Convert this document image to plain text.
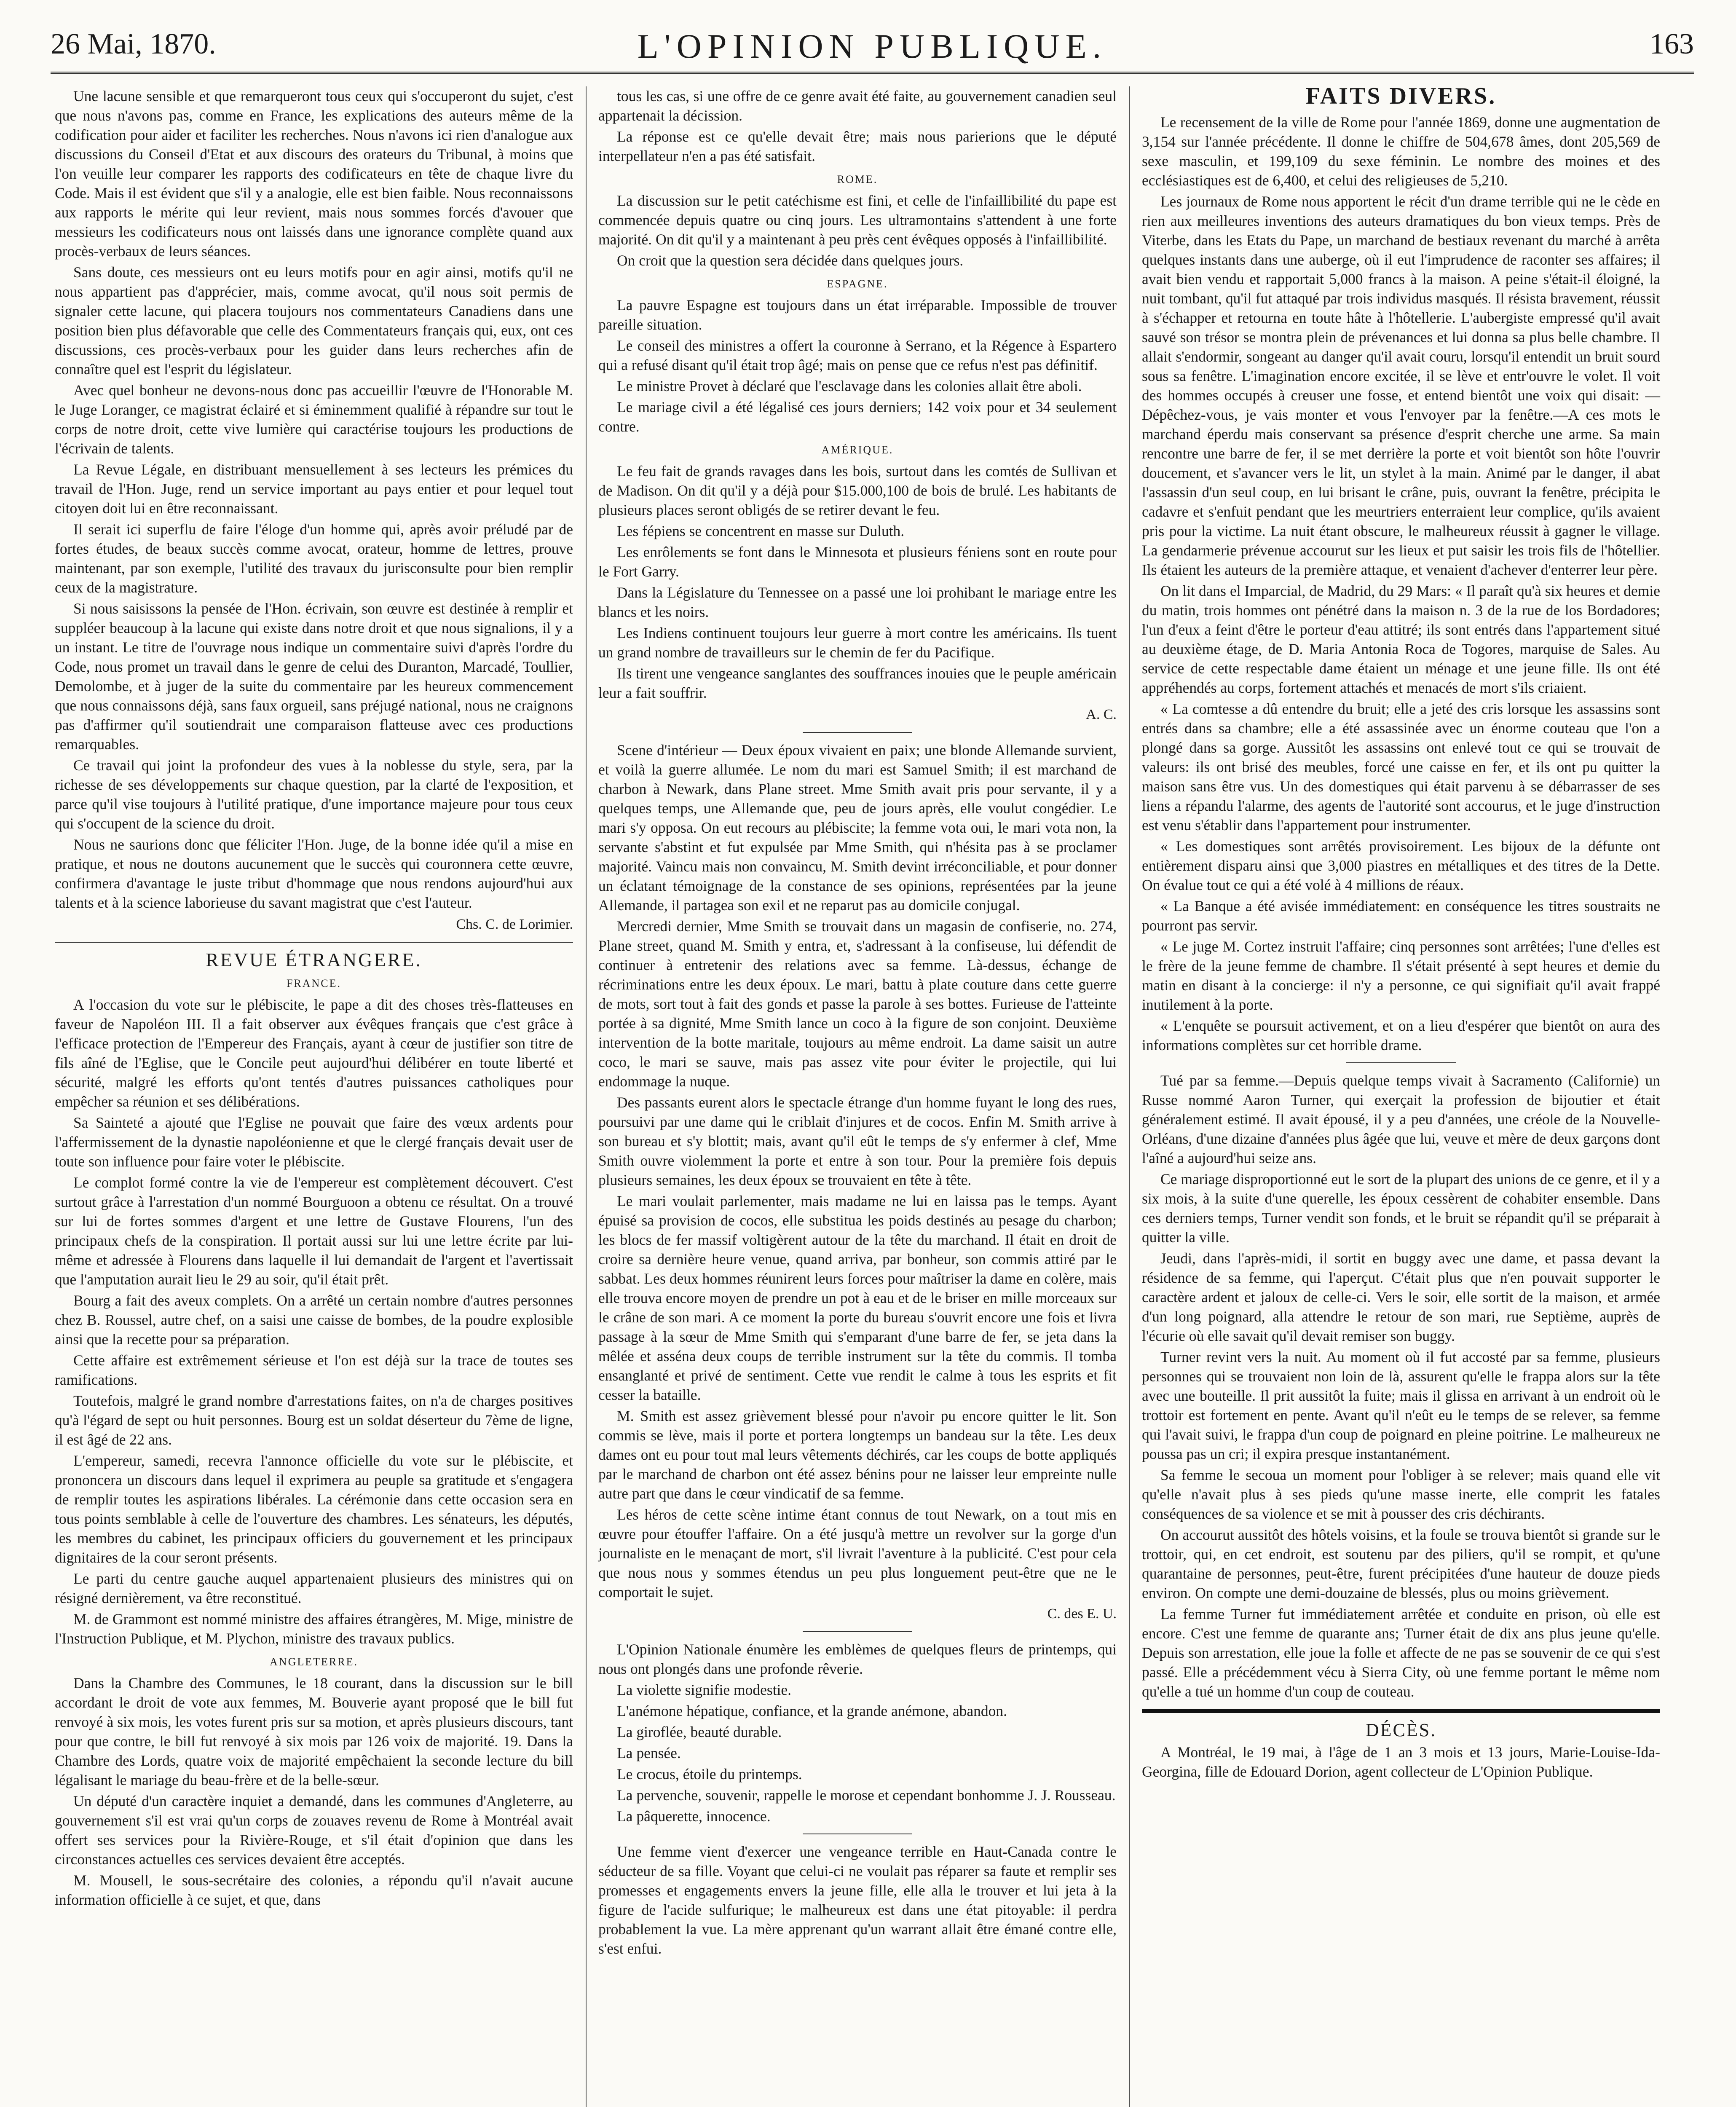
26 Mai, 1870.	L'OPINION PUBLIQUE.	163

Une lacune sensible et que remarqueront tous ceux qui s'occuperont du sujet, c'est que nous n'avons pas, comme en France, les explications des auteurs même de la codification pour aider et faciliter les recherches. Nous n'avons ici rien d'analogue aux discussions du Conseil d'Etat et aux discours des orateurs du Tribunal, à moins que l'on veuille leur comparer les rapports des codificateurs en tête de chaque livre du Code. Mais il est évident que s'il y a analogie, elle est bien faible. Nous reconnaissons aux rapports le mérite qui leur revient, mais nous sommes forcés d'avouer que messieurs les codificateurs nous ont laissés dans une ignorance complète quand aux procès-verbaux de leurs séances.

Sans doute, ces messieurs ont eu leurs motifs pour en agir ainsi, motifs qu'il ne nous appartient pas d'apprécier, mais, comme avocat, qu'il nous soit permis de signaler cette lacune, qui placera toujours nos commentateurs Canadiens dans une position bien plus défavorable que celle des Commentateurs français qui, eux, ont ces discussions, ces procès-verbaux pour les guider dans leurs recherches afin de connaître quel est l'esprit du législateur.

Avec quel bonheur ne devons-nous donc pas accueillir l'œuvre de l'Honorable M. le Juge Loranger, ce magistrat éclairé et si éminemment qualifié à répandre sur tout le corps de notre droit, cette vive lumière qui caractérise toujours les productions de l'écrivain de talents.

La Revue Légale, en distribuant mensuellement à ses lecteurs les prémices du travail de l'Hon. Juge, rend un service important au pays entier et pour lequel tout citoyen doit lui en être reconnaissant.

Il serait ici superflu de faire l'éloge d'un homme qui, après avoir préludé par de fortes études, de beaux succès comme avocat, orateur, homme de lettres, prouve maintenant, par son exemple, l'utilité des travaux du jurisconsulte pour bien remplir ceux de la magistrature.

Si nous saisissons la pensée de l'Hon. écrivain, son œuvre est destinée à remplir et suppléer beaucoup à la lacune qui existe dans notre droit et que nous signalions, il y a un instant. Le titre de l'ouvrage nous indique un commentaire suivi d'après l'ordre du Code, nous promet un travail dans le genre de celui des Duranton, Marcadé, Toullier, Demolombe, et à juger de la suite du commentaire par les heureux commencement que nous connaissons déjà, sans faux orgueil, sans préjugé national, nous ne craignons pas d'affirmer qu'il soutiendrait une comparaison flatteuse avec ces productions remarquables.

Ce travail qui joint la profondeur des vues à la noblesse du style, sera, par la richesse de ses développements sur chaque question, par la clarté de l'exposition, et parce qu'il vise toujours à l'utilité pratique, d'une importance majeure pour tous ceux qui s'occupent de la science du droit.

Nous ne saurions donc que féliciter l'Hon. Juge, de la bonne idée qu'il a mise en pratique, et nous ne doutons aucunement que le succès qui couronnera cette œuvre, confirmera d'avantage le juste tribut d'hommage que nous rendons aujourd'hui aux talents et à la science laborieuse du savant magistrat que c'est l'auteur.

Chs. C. de Lorimier.
REVUE ÉTRANGERE.
FRANCE.

A l'occasion du vote sur le plébiscite, le pape a dit des choses très-flatteuses en faveur de Napoléon III. Il a fait observer aux évêques français que c'est grâce à l'efficace protection de l'Empereur des Français, ayant à cœur de justifier son titre de fils aîné de l'Eglise, que le Concile peut aujourd'hui délibérer en toute liberté et sécurité, malgré les efforts qu'ont tentés d'autres puissances catholiques pour empêcher sa réunion et ses délibérations.

Sa Sainteté a ajouté que l'Eglise ne pouvait que faire des vœux ardents pour l'affermissement de la dynastie napoléonienne et que le clergé français devait user de toute son influence pour faire voter le plébiscite.

Le complot formé contre la vie de l'empereur est complètement découvert. C'est surtout grâce à l'arrestation d'un nommé Bourguoon a obtenu ce résultat. On a trouvé sur lui de fortes sommes d'argent et une lettre de Gustave Flourens, l'un des principaux chefs de la conspiration. Il portait aussi sur lui une lettre écrite par lui-même et adressée à Flourens dans laquelle il lui demandait de l'argent et l'avertissait que l'amputation aurait lieu le 29 au soir, qu'il était prêt.

Bourg a fait des aveux complets. On a arrêté un certain nombre d'autres personnes chez B. Roussel, autre chef, on a saisi une caisse de bombes, de la poudre explosible ainsi que la recette pour sa préparation.

Cette affaire est extrêmement sérieuse et l'on est déjà sur la trace de toutes ses ramifications.

Toutefois, malgré le grand nombre d'arrestations faites, on n'a de charges positives qu'à l'égard de sept ou huit personnes. Bourg est un soldat déserteur du 7ème de ligne, il est âgé de 22 ans.

L'empereur, samedi, recevra l'annonce officielle du vote sur le plébiscite, et prononcera un discours dans lequel il exprimera au peuple sa gratitude et s'engagera de remplir toutes les aspirations libérales. La cérémonie dans cette occasion sera en tous points semblable à celle de l'ouverture des chambres. Les sénateurs, les députés, les membres du cabinet, les principaux officiers du gouvernement et les principaux dignitaires de la cour seront présents.

Le parti du centre gauche auquel appartenaient plusieurs des ministres qui on résigné dernièrement, va être reconstitué.

M. de Grammont est nommé ministre des affaires étrangères, M. Mige, ministre de l'Instruction Publique, et M. Plychon, ministre des travaux publics.

ANGLETERRE.

Dans la Chambre des Communes, le 18 courant, dans la discussion sur le bill accordant le droit de vote aux femmes, M. Bouverie ayant proposé que le bill fut renvoyé à six mois, les votes furent pris sur sa motion, et après plusieurs discours, tant pour que contre, le bill fut renvoyé à six mois par 126 voix de majorité. 19. Dans la Chambre des Lords, quatre voix de majorité empêchaient la seconde lecture du bill légalisant le mariage du beau-frère et de la belle-sœur.

Un député d'un caractère inquiet a demandé, dans les communes d'Angleterre, au gouvernement s'il est vrai qu'un corps de zouaves revenu de Rome à Montréal avait offert ses services pour la Rivière-Rouge, et s'il était d'opinion que dans les circonstances actuelles ces services devaient être acceptés.

M. Mousell, le sous-secrétaire des colonies, a répondu qu'il n'avait aucune information officielle à ce sujet, et que, dans

tous les cas, si une offre de ce genre avait été faite, au gouvernement canadien seul appartenait la décission.

La réponse est ce qu'elle devait être; mais nous parierions que le député interpellateur n'en a pas été satisfait.

ROME.

La discussion sur le petit catéchisme est fini, et celle de l'infaillibilité du pape est commencée depuis quatre ou cinq jours. Les ultramontains s'attendent à une forte majorité. On dit qu'il y a maintenant à peu près cent évêques opposés à l'infaillibilité.

On croit que la question sera décidée dans quelques jours.

ESPAGNE.

La pauvre Espagne est toujours dans un état irréparable. Impossible de trouver pareille situation.

Le conseil des ministres a offert la couronne à Serrano, et la Régence à Espartero qui a refusé disant qu'il était trop âgé; mais on pense que ce refus n'est pas définitif.

Le ministre Provet à déclaré que l'esclavage dans les colonies allait être aboli.

Le mariage civil a été légalisé ces jours derniers; 142 voix pour et 34 seulement contre.

AMÉRIQUE.

Le feu fait de grands ravages dans les bois, surtout dans les comtés de Sullivan et de Madison. On dit qu'il y a déjà pour $15.000,100 de bois de brulé. Les habitants de plusieurs places seront obligés de se retirer devant le feu.

Les fépiens se concentrent en masse sur Duluth.

Les enrôlements se font dans le Minnesota et plusieurs féniens sont en route pour le Fort Garry.

Dans la Législature du Tennessee on a passé une loi prohibant le mariage entre les blancs et les noirs.

Les Indiens continuent toujours leur guerre à mort contre les américains. Ils tuent un grand nombre de travailleurs sur le chemin de fer du Pacifique.

Ils tirent une vengeance sanglantes des souffrances inouies que le peuple américain leur a fait souffrir.

A. C.

Scene d'intérieur — Deux époux vivaient en paix; une blonde Allemande survient, et voilà la guerre allumée. Le nom du mari est Samuel Smith; il est marchand de charbon à Newark, dans Plane street. Mme Smith avait pris pour servante, il y a quelques temps, une Allemande que, peu de jours après, elle voulut congédier. Le mari s'y opposa. On eut recours au plébiscite; la femme vota oui, le mari vota non, la servante s'abstint et fut expulsée par Mme Smith, qui n'hésita pas à se proclamer majorité. Vaincu mais non convaincu, M. Smith devint irréconciliable, et pour donner un éclatant témoignage de la constance de ses opinions, représentées par la jeune Allemande, il partagea son exil et ne reparut pas au domicile conjugal.

Mercredi dernier, Mme Smith se trouvait dans un magasin de confiserie, no. 274, Plane street, quand M. Smith y entra, et, s'adressant à la confiseuse, lui défendit de continuer à entretenir des relations avec sa femme. Là-dessus, échange de récriminations entre les deux époux. Le mari, battu à plate couture dans cette guerre de mots, sort tout à fait des gonds et passe la parole à ses bottes. Furieuse de l'atteinte portée à sa dignité, Mme Smith lance un coco à la figure de son conjoint. Deuxième intervention de la botte maritale, toujours au même endroit. La dame saisit un autre coco, le mari se sauve, mais pas assez vite pour éviter le projectile, qui lui endommage la nuque.

Des passants eurent alors le spectacle étrange d'un homme fuyant le long des rues, poursuivi par une dame qui le criblait d'injures et de cocos. Enfin M. Smith arrive à son bureau et s'y blottit; mais, avant qu'il eût le temps de s'y enfermer à clef, Mme Smith ouvre violemment la porte et entre à son tour. Pour la première fois depuis plusieurs semaines, les deux époux se trouvaient en tête à tête.

Le mari voulait parlementer, mais madame ne lui en laissa pas le temps. Ayant épuisé sa provision de cocos, elle substitua les poids destinés au pesage du charbon; les blocs de fer massif voltigèrent autour de la tête du marchand. Il était en droit de croire sa dernière heure venue, quand arriva, par bonheur, son commis attiré par le sabbat. Les deux hommes réunirent leurs forces pour maîtriser la dame en colère, mais elle trouva encore moyen de prendre un pot à eau et de le briser en mille morceaux sur le crâne de son mari. A ce moment la porte du bureau s'ouvrit encore une fois et livra passage à la sœur de Mme Smith qui s'emparant d'une barre de fer, se jeta dans la mêlée et asséna deux coups de terrible instrument sur la tête du commis. Il tomba ensanglanté et privé de sentiment. Cette vue rendit le calme à tous les esprits et fit cesser la bataille.

M. Smith est assez grièvement blessé pour n'avoir pu encore quitter le lit. Son commis se lève, mais il porte et portera longtemps un bandeau sur la tête. Les deux dames ont eu pour tout mal leurs vêtements déchirés, car les coups de botte appliqués par le marchand de charbon ont été assez bénins pour ne laisser leur empreinte nulle autre part que dans le cœur vindicatif de sa femme.

Les héros de cette scène intime étant connus de tout Newark, on a tout mis en œuvre pour étouffer l'affaire. On a été jusqu'à mettre un revolver sur la gorge d'un journaliste en le menaçant de mort, s'il livrait l'aventure à la publicité. C'est pour cela que nous nous y sommes étendus un peu plus longuement peut-être que ne le comportait le sujet.

C. des E. U.

L'Opinion Nationale énumère les emblèmes de quelques fleurs de printemps, qui nous ont plongés dans une profonde rêverie.

La violette signifie modestie.

L'anémone hépatique, confiance, et la grande anémone, abandon.

La giroflée, beauté durable.

La pensée.

Le crocus, étoile du printemps.

La pervenche, souvenir, rappelle le morose et cependant bonhomme J. J. Rousseau.

La pâquerette, innocence.

Une femme vient d'exercer une vengeance terrible en Haut-Canada contre le séducteur de sa fille. Voyant que celui-ci ne voulait pas réparer sa faute et remplir ses promesses et engagements envers la jeune fille, elle alla le trouver et lui jeta à la figure de l'acide sulfurique; le malheureux est dans une état pitoyable: il perdra probablement la vue. La mère apprenant qu'un warrant allait être émané contre elle, s'est enfui.

FAITS DIVERS.

Le recensement de la ville de Rome pour l'année 1869, donne une augmentation de 3,154 sur l'année précédente. Il donne le chiffre de 504,678 âmes, dont 205,569 de sexe masculin, et 199,109 du sexe féminin. Le nombre des moines et des ecclésiastiques est de 6,400, et celui des religieuses de 5,210.

Les journaux de Rome nous apportent le récit d'un drame terrible qui ne le cède en rien aux meilleures inventions des auteurs dramatiques du bon vieux temps. Près de Viterbe, dans les Etats du Pape, un marchand de bestiaux revenant du marché à arrêta quelques instants dans une auberge, où il eut l'imprudence de raconter ses affaires; il avait bien vendu et rapportait 5,000 francs à la maison. A peine s'était-il éloigné, la nuit tombant, qu'il fut attaqué par trois individus masqués. Il résista bravement, réussit à s'échapper et retourna en toute hâte à l'hôtellerie. L'aubergiste empressé qu'il avait sauvé son trésor se montra plein de prévenances et lui donna sa plus belle chambre. Il allait s'endormir, songeant au danger qu'il avait couru, lorsqu'il entendit un bruit sourd sous sa fenêtre. L'imagination encore excitée, il se lève et entr'ouvre le volet. Il voit des hommes occupés à creuser une fosse, et entend bientôt une voix qui disait: —Dépêchez-vous, je vais monter et vous l'envoyer par la fenêtre.—A ces mots le marchand éperdu mais conservant sa présence d'esprit cherche une arme. Sa main rencontre une barre de fer, il se met derrière la porte et voit bientôt son hôte l'ouvrir doucement, et s'avancer vers le lit, un stylet à la main. Animé par le danger, il abat l'assassin d'un seul coup, en lui brisant le crâne, puis, ouvrant la fenêtre, précipita le cadavre et s'enfuit pendant que les meurtriers enterraient leur complice, qu'ils avaient pris pour la victime. La nuit étant obscure, le malheureux réussit à gagner le village. La gendarmerie prévenue accourut sur les lieux et put saisir les trois fils de l'hôtellier. Ils étaient les auteurs de la première attaque, et venaient d'achever d'enterrer leur père.

On lit dans el Imparcial, de Madrid, du 29 Mars: « Il paraît qu'à six heures et demie du matin, trois hommes ont pénétré dans la maison n. 3 de la rue de los Bordadores; l'un d'eux a feint d'être le porteur d'eau attitré; ils sont entrés dans l'appartement situé au deuxième étage, de D. Maria Antonia Roca de Togores, marquise de Sales. Au service de cette respectable dame étaient un ménage et une jeune fille. Ils ont été appréhendés au corps, fortement attachés et menacés de mort s'ils criaient.

« La comtesse a dû entendre du bruit; elle a jeté des cris lorsque les assassins sont entrés dans sa chambre; elle a été assassinée avec un énorme couteau que l'on a plongé dans sa gorge. Aussitôt les assassins ont enlevé tout ce qui se trouvait de valeurs: ils ont brisé des meubles, forcé une caisse en fer, et ils ont pu quitter la maison sans être vus. Un des domestiques qui était parvenu à se débarrasser de ses liens a répandu l'alarme, des agents de l'autorité sont accourus, et le juge d'instruction est venu s'établir dans l'appartement pour instrumenter.

« Les domestiques sont arrêtés provisoirement. Les bijoux de la défunte ont entièrement disparu ainsi que 3,000 piastres en métalliques et des titres de la Dette. On évalue tout ce qui a été volé à 4 millions de réaux.

« La Banque a été avisée immédiatement: en conséquence les titres soustraits ne pourront pas servir.

« Le juge M. Cortez instruit l'affaire; cinq personnes sont arrêtées; l'une d'elles est le frère de la jeune femme de chambre. Il s'était présenté à sept heures et demie du matin en disant à la concierge: il n'y a personne, ce qui signifiait qu'il avait frappé inutilement à la porte.

« L'enquête se poursuit activement, et on a lieu d'espérer que bientôt on aura des informations complètes sur cet horrible drame.

Tué par sa femme.—Depuis quelque temps vivait à Sacramento (Californie) un Russe nommé Aaron Turner, qui exerçait la profession de bijoutier et était généralement estimé. Il avait épousé, il y a peu d'années, une créole de la Nouvelle-Orléans, d'une dizaine d'années plus âgée que lui, veuve et mère de deux garçons dont l'aîné a aujourd'hui seize ans.

Ce mariage disproportionné eut le sort de la plupart des unions de ce genre, et il y a six mois, à la suite d'une querelle, les époux cessèrent de cohabiter ensemble. Dans ces derniers temps, Turner vendit son fonds, et le bruit se répandit qu'il se préparait à quitter la ville.

Jeudi, dans l'après-midi, il sortit en buggy avec une dame, et passa devant la résidence de sa femme, qui l'aperçut. C'était plus que n'en pouvait supporter le caractère ardent et jaloux de celle-ci. Vers le soir, elle sortit de la maison, et armée d'un long poignard, alla attendre le retour de son mari, rue Septième, auprès de l'écurie où elle savait qu'il devait remiser son buggy.

Turner revint vers la nuit. Au moment où il fut accosté par sa femme, plusieurs personnes qui se trouvaient non loin de là, assurent qu'elle le frappa alors sur la tête avec une bouteille. Il prit aussitôt la fuite; mais il glissa en arrivant à un endroit où le trottoir est fortement en pente. Avant qu'il n'eût eu le temps de se relever, sa femme qui l'avait suivi, le frappa d'un coup de poignard en pleine poitrine. Le malheureux ne poussa pas un cri; il expira presque instantanément.

Sa femme le secoua un moment pour l'obliger à se relever; mais quand elle vit qu'elle n'avait plus à ses pieds qu'une masse inerte, elle comprit les fatales conséquences de sa violence et se mit à pousser des cris déchirants.

On accourut aussitôt des hôtels voisins, et la foule se trouva bientôt si grande sur le trottoir, qui, en cet endroit, est soutenu par des piliers, qu'il se rompit, et qu'une quarantaine de personnes, peut-être, furent précipitées d'une hauteur de douze pieds environ. On compte une demi-douzaine de blessés, plus ou moins grièvement.

La femme Turner fut immédiatement arrêtée et conduite en prison, où elle est encore. C'est une femme de quarante ans; Turner était de dix ans plus jeune qu'elle. Depuis son arrestation, elle joue la folle et affecte de ne pas se souvenir de ce qui s'est passé. Elle a précédemment vécu à Sierra City, où une femme portant le même nom qu'elle a tué un homme d'un coup de couteau.

DÉCÈS.

A Montréal, le 19 mai, à l'âge de 1 an 3 mois et 13 jours, Marie-Louise-Ida-Georgina, fille de Edouard Dorion, agent collecteur de L'Opinion Publique.
